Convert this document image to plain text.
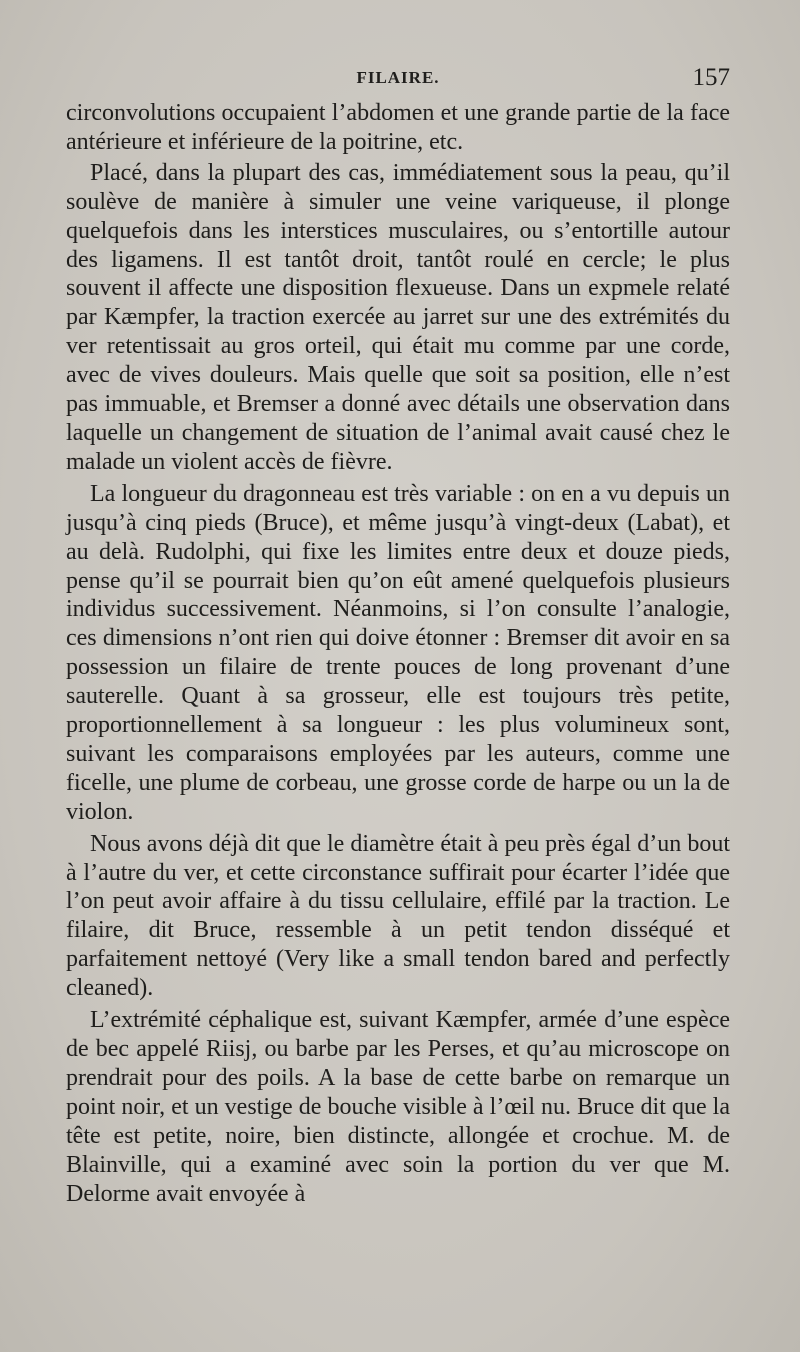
FILAIRE.	157

circonvolutions occupaient l’abdomen et une grande partie de la face antérieure et inférieure de la poitrine, etc.

Placé, dans la plupart des cas, immédiatement sous la peau, qu’il soulève de manière à simuler une veine variqueuse, il plonge quelquefois dans les interstices musculaires, ou s’entortille autour des ligamens. Il est tantôt droit, tantôt roulé en cercle; le plus souvent il affecte une disposition flexueuse. Dans un expmele relaté par Kæmpfer, la traction exercée au jarret sur une des extrémités du ver retentissait au gros orteil, qui était mu comme par une corde, avec de vives douleurs. Mais quelle que soit sa position, elle n’est pas immuable, et Bremser a donné avec détails une observation dans laquelle un changement de situation de l’animal avait causé chez le malade un violent accès de fièvre.

La longueur du dragonneau est très variable : on en a vu depuis un jusqu’à cinq pieds (Bruce), et même jusqu’à vingt-deux (Labat), et au delà. Rudolphi, qui fixe les limites entre deux et douze pieds, pense qu’il se pourrait bien qu’on eût amené quelquefois plusieurs individus successivement. Néanmoins, si l’on consulte l’analogie, ces dimensions n’ont rien qui doive étonner : Bremser dit avoir en sa possession un filaire de trente pouces de long provenant d’une sauterelle. Quant à sa grosseur, elle est toujours très petite, proportionnellement à sa longueur : les plus volumineux sont, suivant les comparaisons employées par les auteurs, comme une ficelle, une plume de corbeau, une grosse corde de harpe ou un la de violon.

Nous avons déjà dit que le diamètre était à peu près égal d’un bout à l’autre du ver, et cette circonstance suffirait pour écarter l’idée que l’on peut avoir affaire à du tissu cellulaire, effilé par la traction. Le filaire, dit Bruce, ressemble à un petit tendon disséqué et parfaitement nettoyé (Very like a small tendon bared and perfectly cleaned).

L’extrémité céphalique est, suivant Kæmpfer, armée d’une espèce de bec appelé Riisj, ou barbe par les Perses, et qu’au microscope on prendrait pour des poils. A la base de cette barbe on remarque un point noir, et un vestige de bouche visible à l’œil nu. Bruce dit que la tête est petite, noire, bien distincte, allongée et crochue. M. de Blainville, qui a examiné avec soin la portion du ver que M. Delorme avait envoyée à
